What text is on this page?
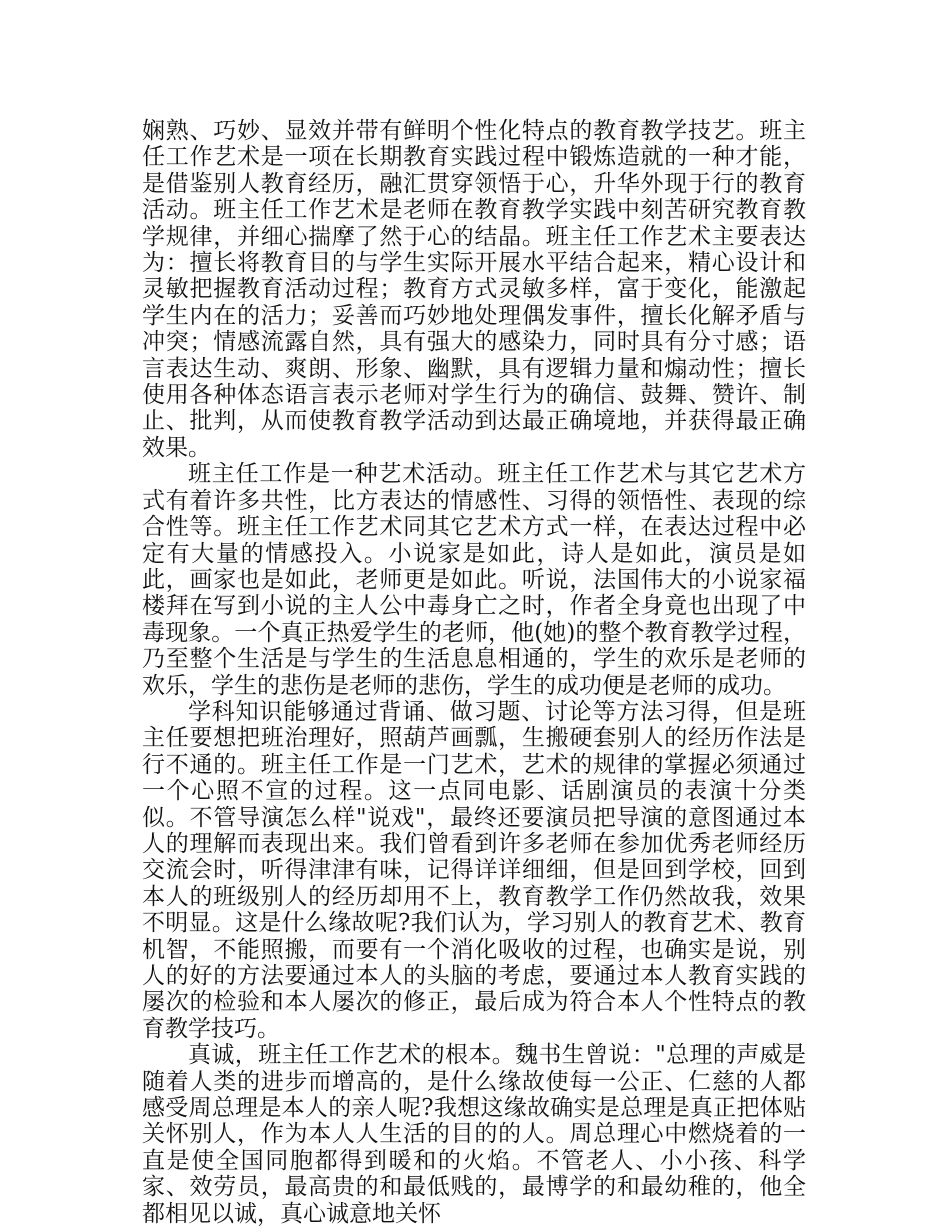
娴熟、巧妙、显效并带有鲜明个性化特点的教育教学技艺。班主任工作艺术是一项在长期教育实践过程中锻炼造就的一种才能，是借鉴别人教育经历，融汇贯穿领悟于心，升华外现于行的教育活动。班主任工作艺术是老师在教育教学实践中刻苦研究教育教学规律，并细心揣摩了然于心的结晶。班主任工作艺术主要表达为：擅长将教育目的与学生实际开展水平结合起来，精心设计和灵敏把握教育活动过程；教育方式灵敏多样，富于变化，能激起学生内在的活力；妥善而巧妙地处理偶发事件，擅长化解矛盾与冲突；情感流露自然，具有强大的感染力，同时具有分寸感；语言表达生动、爽朗、形象、幽默，具有逻辑力量和煽动性；擅长使用各种体态语言表示老师对学生行为的确信、鼓舞、赞许、制止、批判，从而使教育教学活动到达最正确境地，并获得最正确效果。

班主任工作是一种艺术活动。班主任工作艺术与其它艺术方式有着许多共性，比方表达的情感性、习得的领悟性、表现的综合性等。班主任工作艺术同其它艺术方式一样，在表达过程中必定有大量的情感投入。小说家是如此，诗人是如此，演员是如此，画家也是如此，老师更是如此。听说，法国伟大的小说家福楼拜在写到小说的主人公中毒身亡之时，作者全身竟也出现了中毒现象。一个真正热爱学生的老师，他(她)的整个教育教学过程，乃至整个生活是与学生的生活息息相通的，学生的欢乐是老师的欢乐，学生的悲伤是老师的悲伤，学生的成功便是老师的成功。

学科知识能够通过背诵、做习题、讨论等方法习得，但是班主任要想把班治理好，照葫芦画瓢，生搬硬套别人的经历作法是行不通的。班主任工作是一门艺术，艺术的规律的掌握必须通过一个心照不宣的过程。这一点同电影、话剧演员的表演十分类似。不管导演怎么样"说戏"，最终还要演员把导演的意图通过本人的理解而表现出来。我们曾看到许多老师在参加优秀老师经历交流会时，听得津津有味，记得详详细细，但是回到学校，回到本人的班级别人的经历却用不上，教育教学工作仍然故我，效果不明显。这是什么缘故呢?我们认为，学习别人的教育艺术、教育机智，不能照搬，而要有一个消化吸收的过程，也确实是说，别人的好的方法要通过本人的头脑的考虑，要通过本人教育实践的屡次的检验和本人屡次的修正，最后成为符合本人个性特点的教育教学技巧。

真诚，班主任工作艺术的根本。魏书生曾说："总理的声威是随着人类的进步而增高的，是什么缘故使每一公正、仁慈的人都感受周总理是本人的亲人呢?我想这缘故确实是总理是真正把体贴关怀别人，作为本人人生活的目的的人。周总理心中燃烧着的一直是使全国同胞都得到暖和的火焰。不管老人、小小孩、科学家、效劳员，最高贵的和最低贱的，最博学的和最幼稚的，他全都相见以诚，真心诚意地关怀
